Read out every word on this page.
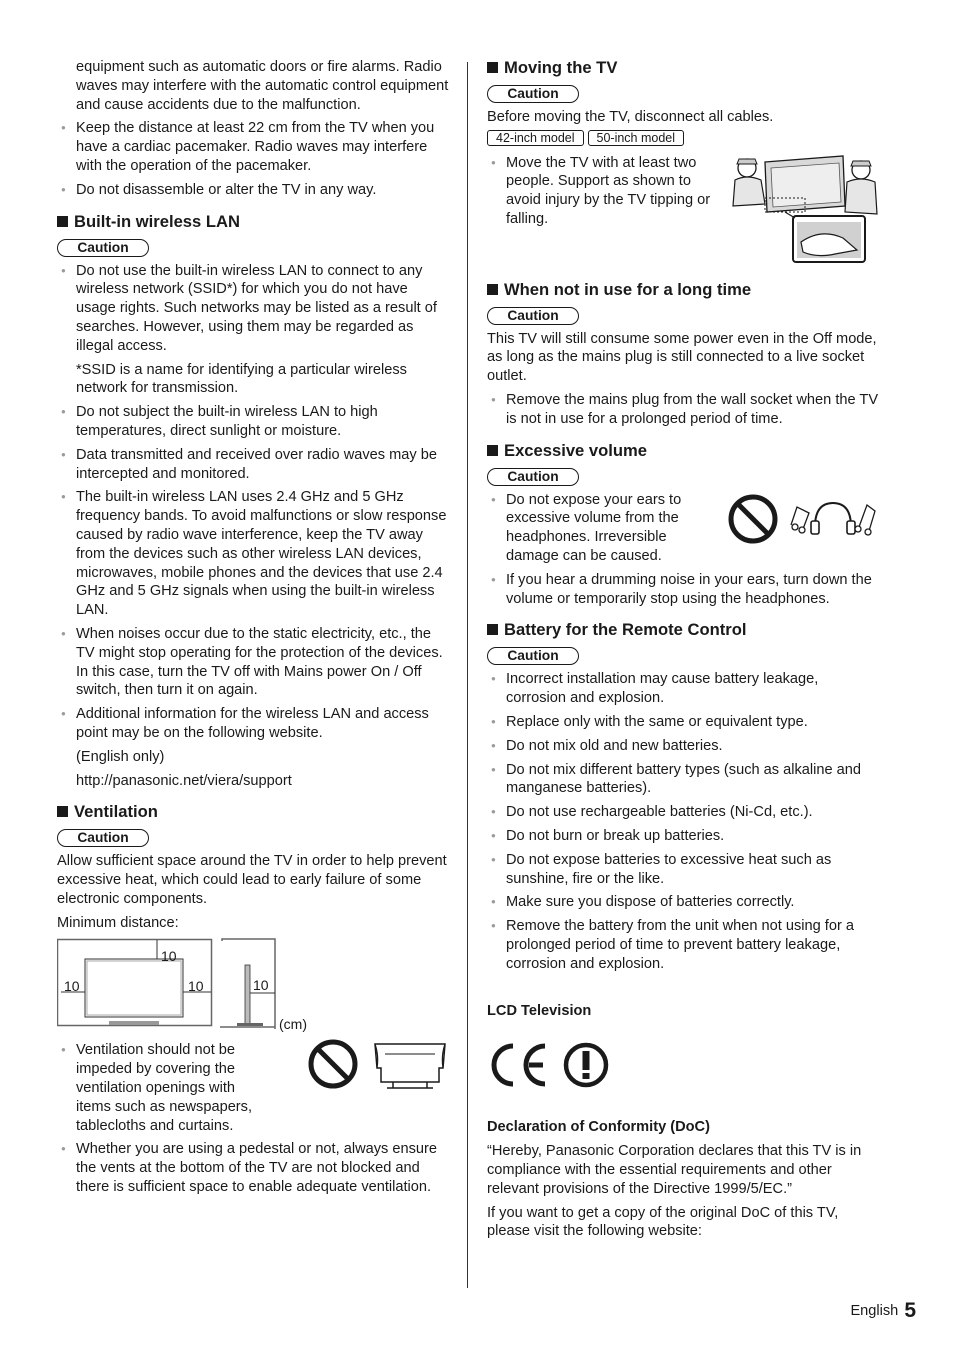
equipment such as automatic doors or fire alarms. Radio waves may interfere with the automatic control equipment and cause accidents due to the malfunction.

● Keep the distance at least 22 cm from the TV when you have a cardiac pacemaker. Radio waves may interfere with the operation of the pacemaker.
● Do not disassemble or alter the TV in any way.
Built-in wireless LAN
Caution
● Do not use the built-in wireless LAN to connect to any wireless network (SSID*) for which you do not have usage rights. Such networks may be listed as a result of searches. However, using them may be regarded as illegal access.

*SSID is a name for identifying a particular wireless network for transmission.

● Do not subject the built-in wireless LAN to high temperatures, direct sunlight or moisture.
● Data transmitted and received over radio waves may be intercepted and monitored.
● The built-in wireless LAN uses 2.4 GHz and 5 GHz frequency bands. To avoid malfunctions or slow response caused by radio wave interference, keep the TV away from the devices such as other wireless LAN devices, microwaves, mobile phones and the devices that use 2.4 GHz and 5 GHz signals when using the built-in wireless LAN.
● When noises occur due to the static electricity, etc., the TV might stop operating for the protection of the devices. In this case, turn the TV off with Mains power On / Off switch, then turn it on again.
● Additional information for the wireless LAN and access point may be on the following website.

(English only)

http://panasonic.net/viera/support

Ventilation
Caution

Allow sufficient space around the TV in order to help prevent excessive heat, which could lead to early failure of some electronic components.

Minimum distance:

10
10	10	10
(cm)
● Ventilation should not be impeded by covering the ventilation openings with items such as newspapers, tablecloths and curtains.
● Whether you are using a pedestal or not, always ensure the vents at the bottom of the TV are not blocked and there is sufficient space to enable adequate ventilation.
Moving the TV
Caution

Before moving the TV, disconnect all cables.

42-inch model 50-inch model
● Move the TV with at least two people. Support as shown to avoid injury by the TV tipping or falling.
When not in use for a long time
Caution

This TV will still consume some power even in the Off mode, as long as the mains plug is still connected to a live socket outlet.

● Remove the mains plug from the wall socket when the TV is not in use for a prolonged period of time.
Excessive volume
Caution
● Do not expose your ears to excessive volume from the headphones. Irreversible damage can be caused.
● If you hear a drumming noise in your ears, turn down the volume or temporarily stop using the headphones.
Battery for the Remote Control
Caution
● Incorrect installation may cause battery leakage, corrosion and explosion.
● Replace only with the same or equivalent type.
● Do not mix old and new batteries.
● Do not mix different battery types (such as alkaline and manganese batteries).
● Do not use rechargeable batteries (Ni-Cd, etc.).
● Do not burn or break up batteries.
● Do not expose batteries to excessive heat such as sunshine, fire or the like.
● Make sure you dispose of batteries correctly.
● Remove the battery from the unit when not using for a prolonged period of time to prevent battery leakage, corrosion and explosion.

LCD Television

Declaration of Conformity (DoC)

“Hereby, Panasonic Corporation declares that this TV is in compliance with the essential requirements and other relevant provisions of the Directive 1999/5/EC.”

If you want to get a copy of the original DoC of this TV, please visit the following website:

English 5
